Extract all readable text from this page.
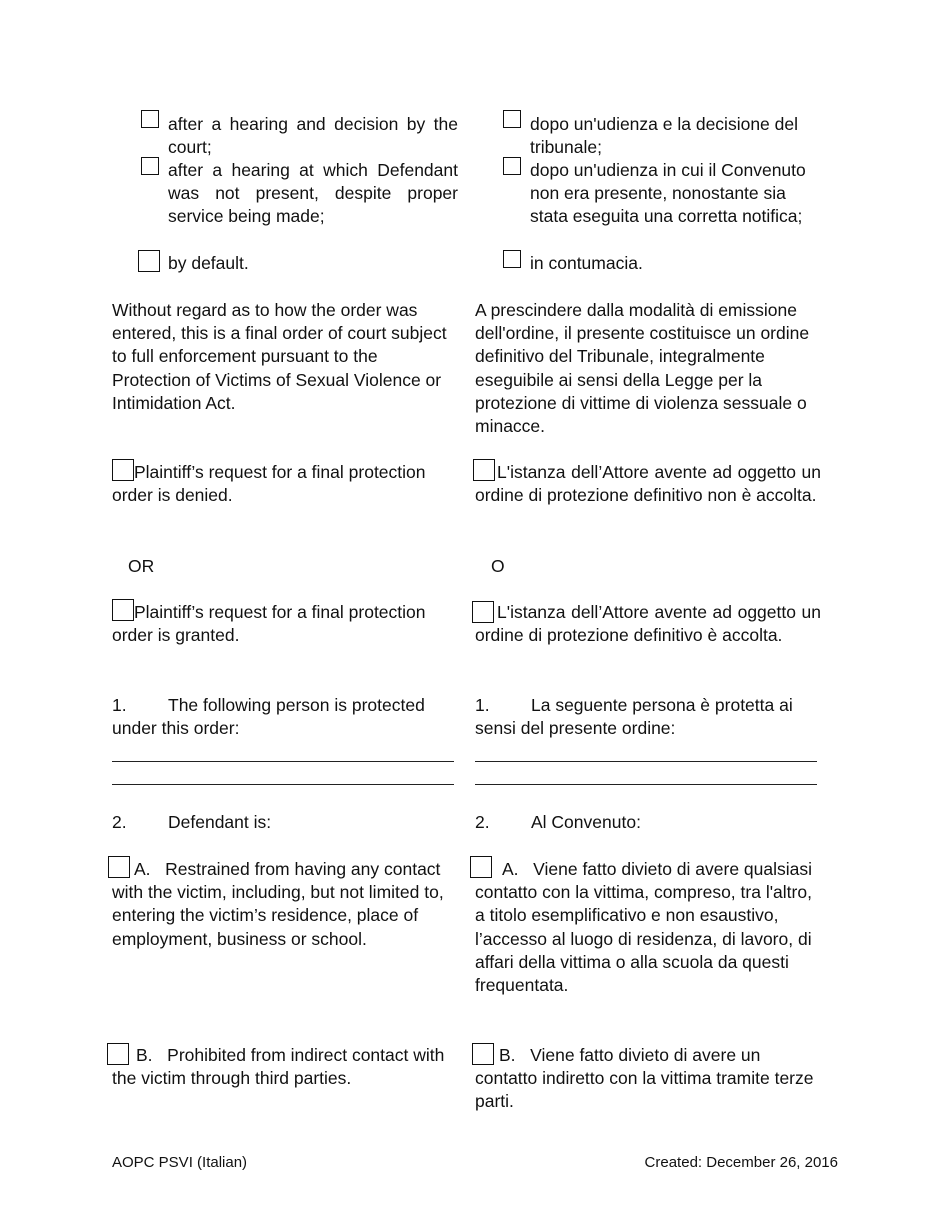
after a hearing and decision by the court;

after a hearing at which Defendant was not present, despite proper service being made;

by default.

Without regard as to how the order was entered, this is a final order of court subject to full enforcement pursuant to the Protection of Victims of Sexual Violence or Intimidation Act.

Plaintiff’s request for a final protection order is denied.

OR

Plaintiff’s request for a final protection order is granted.

1. The following person is protected under this order:

2. Defendant is:

A. Restrained from having any contact with the victim, including, but not limited to, entering the victim’s residence, place of employment, business or school.

B. Prohibited from indirect contact with the victim through third parties.

dopo un'udienza e la decisione del tribunale;

dopo un'udienza in cui il Convenuto non era presente, nonostante sia stata eseguita una corretta notifica;

in contumacia.

A prescindere dalla modalità di emissione dell'ordine, il presente costituisce un ordine definitivo del Tribunale, integralmente eseguibile ai sensi della Legge per la protezione di vittime di violenza sessuale o minacce.

L'istanza dell’Attore avente ad oggetto un ordine di protezione definitivo non è accolta.

O

L'istanza dell’Attore avente ad oggetto un ordine di protezione definitivo è accolta.

1. La seguente persona è protetta ai sensi del presente ordine:

2. Al Convenuto:

A. Viene fatto divieto di avere qualsiasi contatto con la vittima, compreso, tra l'altro, a titolo esemplificativo e non esaustivo, l’accesso al luogo di residenza, di lavoro, di affari della vittima o alla scuola da questi frequentata.

B. Viene fatto divieto di avere un contatto indiretto con la vittima tramite terze parti.

AOPC PSVI (Italian)	Created: December 26, 2016
